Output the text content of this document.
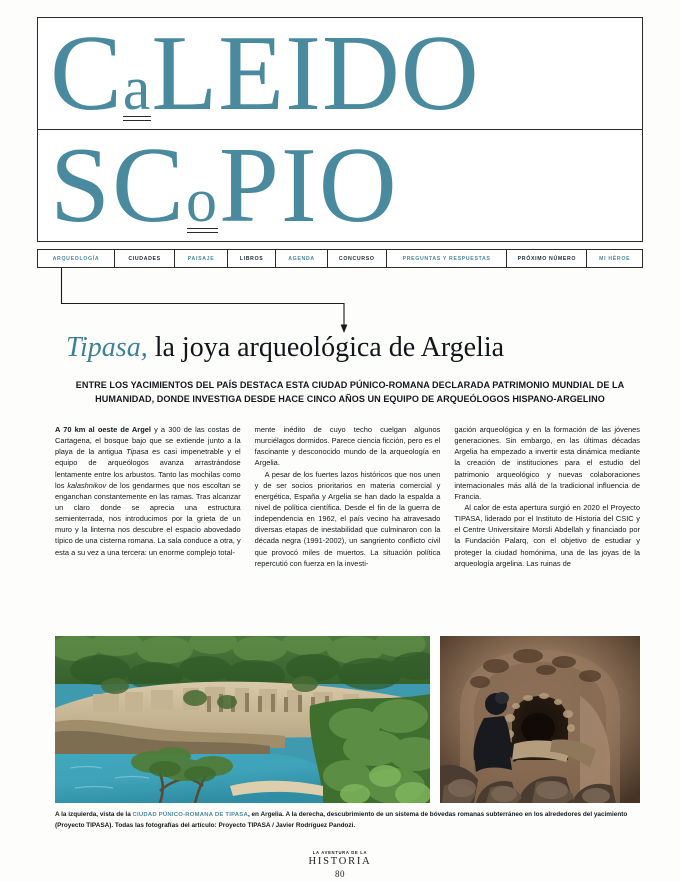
Ca
LEIDO
SCo
PIO
ARQUEOLOGÍA	CIUDADES	PAISAJE	LIBROS	AGENDA	CONCURSO	PREGUNTAS Y RESPUESTAS	PRÓXIMO NÚMERO	MI HÉROE
Tipasa, la joya arqueológica de Argelia
ENTRE LOS YACIMIENTOS DEL PAÍS DESTACA ESTA CIUDAD PÚNICO-ROMANA DECLARADA PATRIMONIO MUNDIAL DE LA HUMANIDAD, DONDE INVESTIGA DESDE HACE CINCO AÑOS UN EQUIPO DE ARQUEÓLOGOS HISPANO-ARGELINO

A 70 km al oeste de Argel y a 300 de las costas de Cartagena, el bosque bajo que se extiende junto a la playa de la antigua Tipasa es casi impenetrable y el equipo de arqueólogos avanza arrastrándose lentamente entre los arbustos. Tanto las mochilas como los kalashnikov de los gendarmes que nos escoltan se enganchan constantemente en las ramas. Tras alcanzar un claro donde se aprecia una estructura semienterrada, nos introducimos por la grieta de un muro y la linterna nos descubre el espacio abovedado típico de una cisterna romana. La sala conduce a otra, y esta a su vez a una tercera: un enorme complejo total-

mente inédito de cuyo techo cuelgan algunos murciélagos dormidos. Parece ciencia ficción, pero es el fascinante y desconocido mundo de la arqueología en Argelia.

A pesar de los fuertes lazos históricos que nos unen y de ser socios prioritarios en materia comercial y energética, España y Argelia se han dado la espalda a nivel de política científica. Desde el fin de la guerra de independencia en 1962, el país vecino ha atravesado diversas etapas de inestabilidad que culminaron con la década negra (1991-2002), un sangriento conflicto civil que provocó miles de muertos. La situación política repercutió con fuerza en la investi-

gación arqueológica y en la formación de las jóvenes generaciones. Sin embargo, en las últimas décadas Argelia ha empezado a invertir esta dinámica mediante la creación de instituciones para el estudio del patrimonio arqueológico y nuevas colaboraciones internacionales más allá de la tradicional influencia de Francia.

Al calor de esta apertura surgió en 2020 el Proyecto TIPASA, liderado por el Instituto de Historia del CSIC y el Centre Universitaire Morsli Abdellah y financiado por la Fundación Palarq, con el objetivo de estudiar y proteger la ciudad homónima, una de las joyas de la arqueología argelina. Las ruinas de

A la izquierda, vista de la CIUDAD PÚNICO-ROMANA DE TIPASA, en Argelia. A la derecha, descubrimiento de un sistema de bóvedas romanas subterráneo en los alrededores del yacimiento (Proyecto TIPASA). Todas las fotografías del artículo: Proyecto TIPASA / Javier Rodríguez Pandozi.
LA AVENTURA DE LA
HISTORIA
80
